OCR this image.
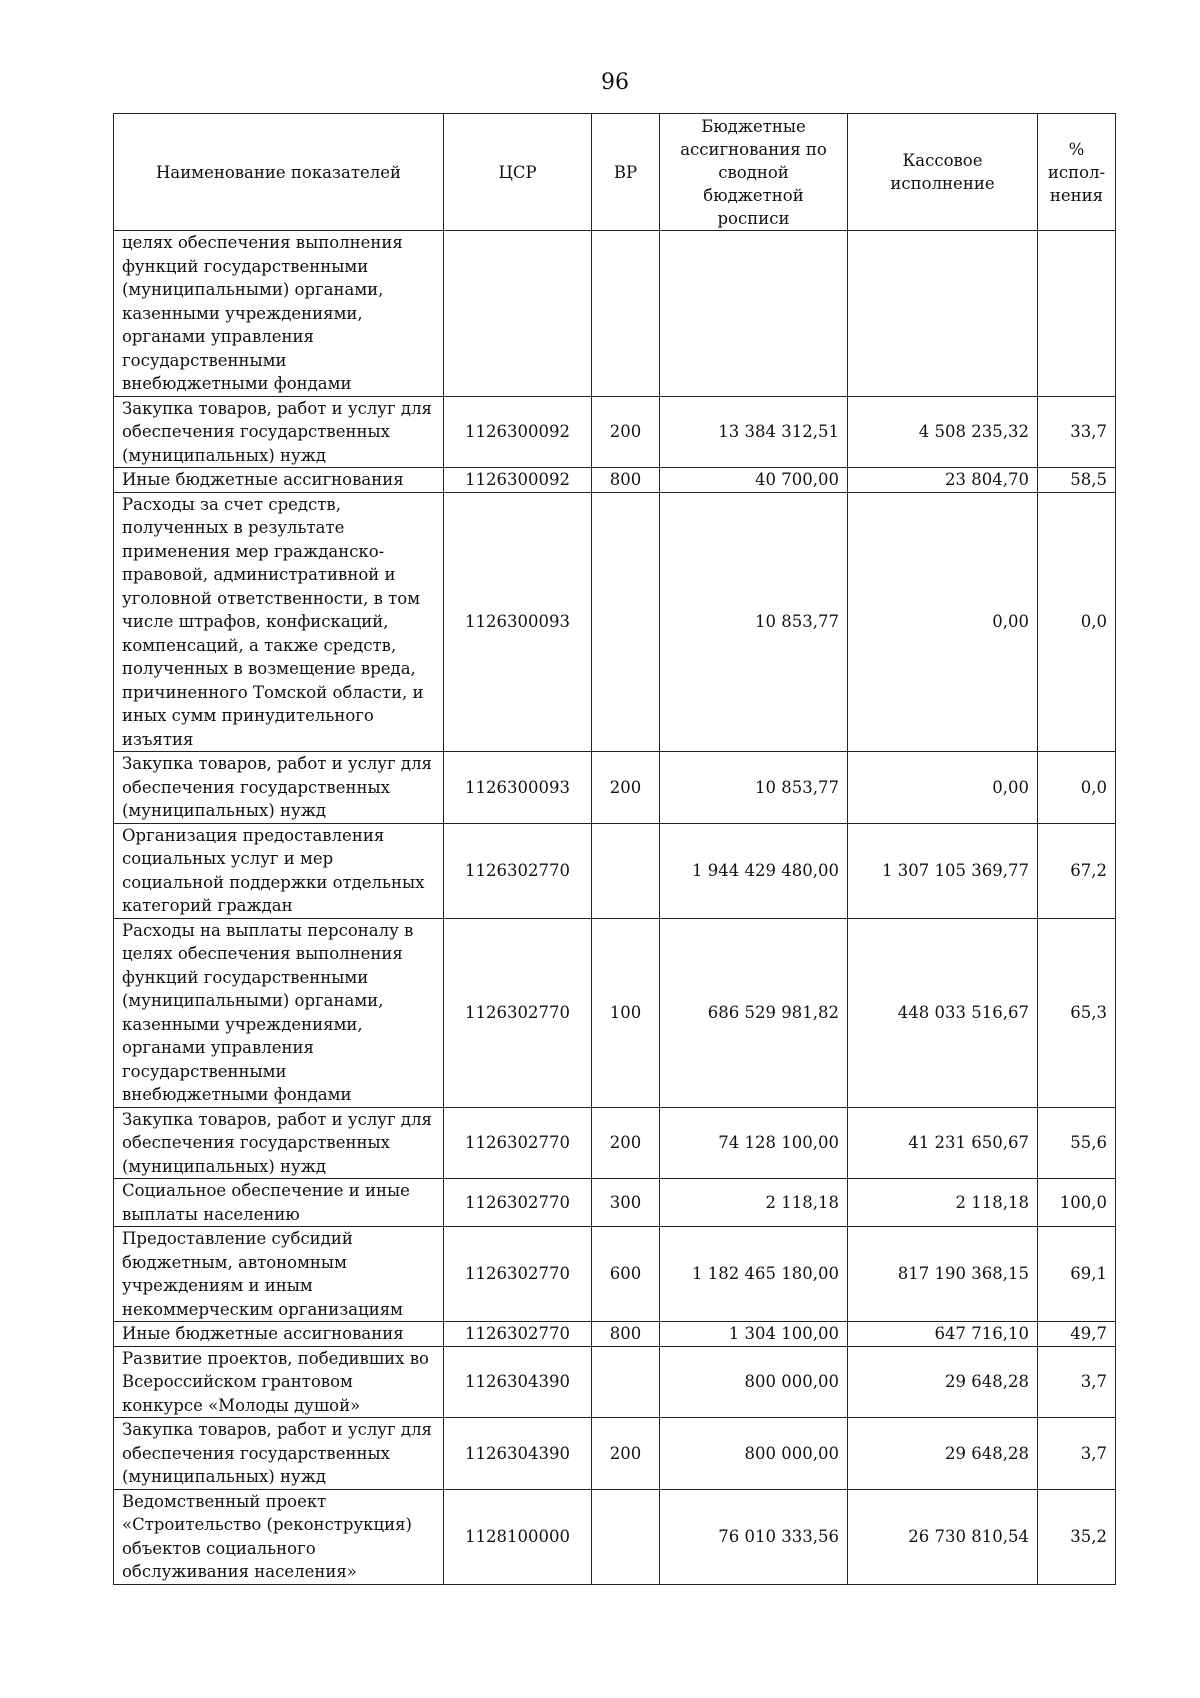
96
Наименование показателей	ЦСР	ВР	Бюджетные ассигнования по сводной бюджетной росписи	Кассовое исполнение	% испол-нения
целях обеспечения выполнения функций государственными (муниципальными) органами, казенными учреждениями, органами управления государственными внебюджетными фондами					
Закупка товаров, работ и услуг для обеспечения государственных (муниципальных) нужд	1126300092	200	13 384 312,51	4 508 235,32	33,7
Иные бюджетные ассигнования	1126300092	800	40 700,00	23 804,70	58,5
Расходы за счет средств, полученных в результате применения мер гражданско-правовой, административной и уголовной ответственности, в том числе штрафов, конфискаций, компенсаций, а также средств, полученных в возмещение вреда, причиненного Томской области, и иных сумм принудительного изъятия	1126300093		10 853,77	0,00	0,0
Закупка товаров, работ и услуг для обеспечения государственных (муниципальных) нужд	1126300093	200	10 853,77	0,00	0,0
Организация предоставления социальных услуг и мер социальной поддержки отдельных категорий граждан	1126302770		1 944 429 480,00	1 307 105 369,77	67,2
Расходы на выплаты персоналу в целях обеспечения выполнения функций государственными (муниципальными) органами, казенными учреждениями, органами управления государственными внебюджетными фондами	1126302770	100	686 529 981,82	448 033 516,67	65,3
Закупка товаров, работ и услуг для обеспечения государственных (муниципальных) нужд	1126302770	200	74 128 100,00	41 231 650,67	55,6
Социальное обеспечение и иные выплаты населению	1126302770	300	2 118,18	2 118,18	100,0
Предоставление субсидий бюджетным, автономным учреждениям и иным некоммерческим организациям	1126302770	600	1 182 465 180,00	817 190 368,15	69,1
Иные бюджетные ассигнования	1126302770	800	1 304 100,00	647 716,10	49,7
Развитие проектов, победивших во Всероссийском грантовом конкурсе «Молоды душой»	1126304390		800 000,00	29 648,28	3,7
Закупка товаров, работ и услуг для обеспечения государственных (муниципальных) нужд	1126304390	200	800 000,00	29 648,28	3,7
Ведомственный проект «Строительство (реконструкция) объектов социального обслуживания населения»	1128100000		76 010 333,56	26 730 810,54	35,2
